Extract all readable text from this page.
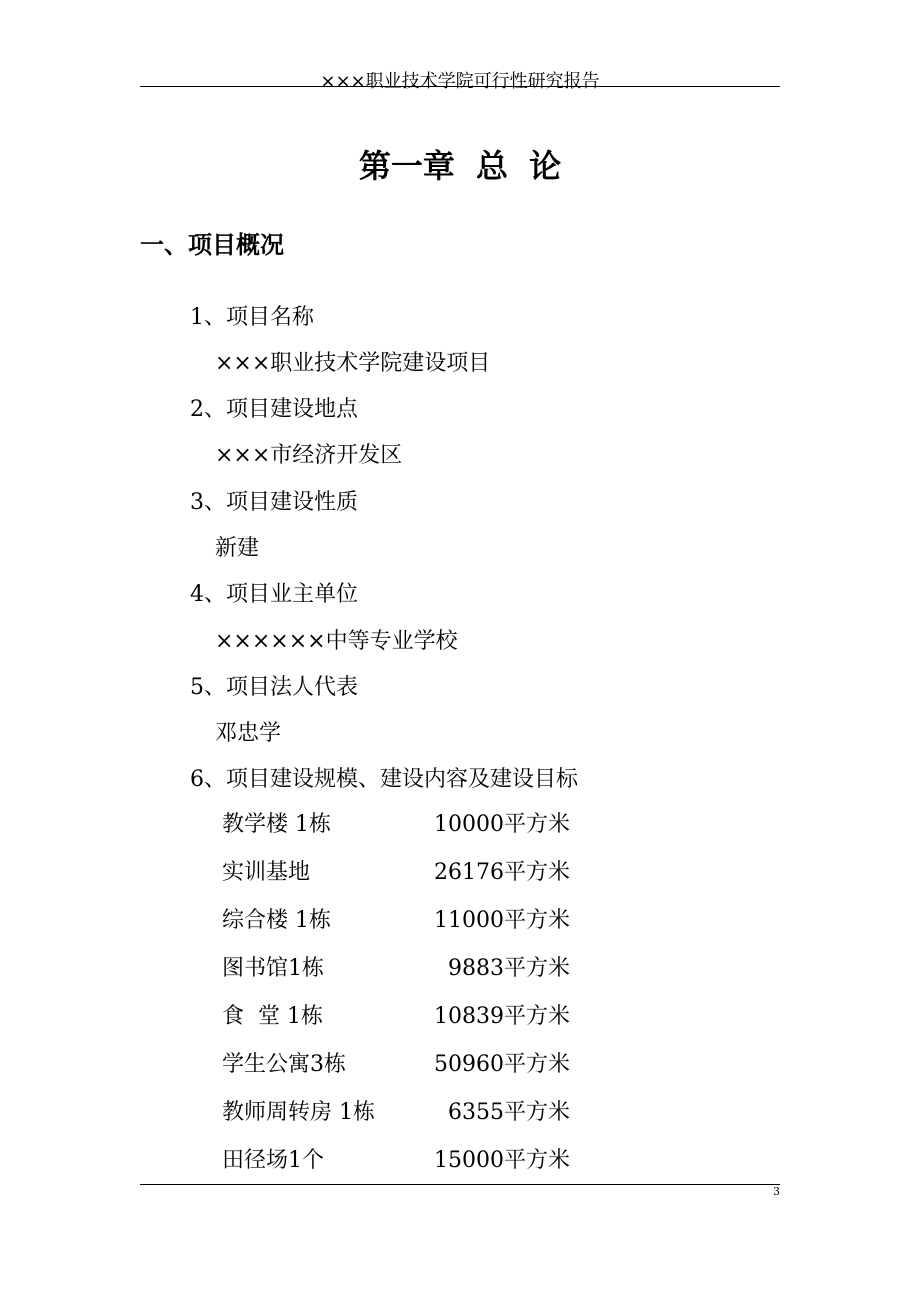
×××职业技术学院可行性研究报告
第一章 总 论
一、项目概况
1、项目名称
×××职业技术学院建设项目
2、项目建设地点
×××市经济开发区
3、项目建设性质
新建
4、项目业主单位
××××××中等专业学校
5、项目法人代表
邓忠学
6、项目建设规模、建设内容及建设目标
教学楼 1栋	10000平方米
实训基地	26176平方米
综合楼 1栋	11000平方米
图书馆1栋	9883平方米
食  堂 1栋	10839平方米
学生公寓3栋	50960平方米
教师周转房 1栋	6355平方米
田径场1个	15000平方米
3
